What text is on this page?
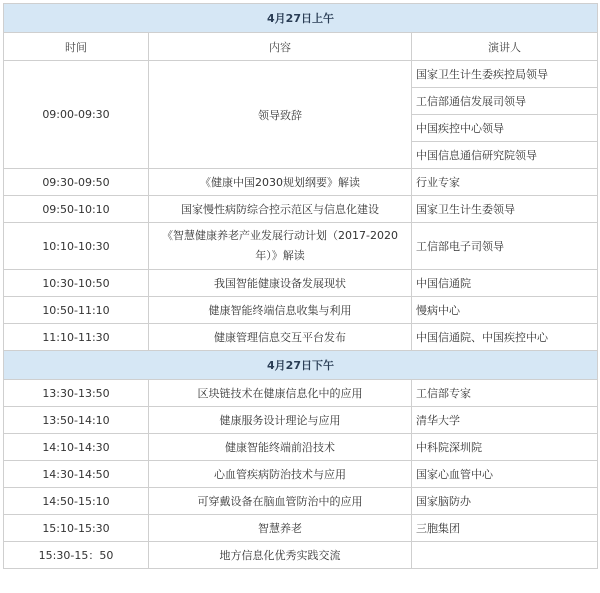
4月27日上午		
时间	内容	演讲人
09:00-09:30	领导致辞	国家卫生计生委疾控局领导
		工信部通信发展司领导
		中国疾控中心领导
		中国信息通信研究院领导
09:30-09:50	《健康中国2030规划纲要》解读	行业专家
09:50-10:10	国家慢性病防综合控示范区与信息化建设	国家卫生计生委领导
10:10-10:30	《智慧健康养老产业发展行动计划（2017-2020年）》解读	工信部电子司领导
10:30-10:50	我国智能健康设备发展现状	中国信通院
10:50-11:10	健康智能终端信息收集与利用	慢病中心
11:10-11:30	健康管理信息交互平台发布	中国信通院、中国疾控中心
4月27日下午		
13:30-13:50	区块链技术在健康信息化中的应用	工信部专家
13:50-14:10	健康服务设计理论与应用	清华大学
14:10-14:30	健康智能终端前沿技术	中科院深圳院
14:30-14:50	心血管疾病防治技术与应用	国家心血管中心
14:50-15:10	可穿戴设备在脑血管防治中的应用	国家脑防办
15:10-15:30	智慧养老	三胞集团
15:30-15：50	地方信息化优秀实践交流	
